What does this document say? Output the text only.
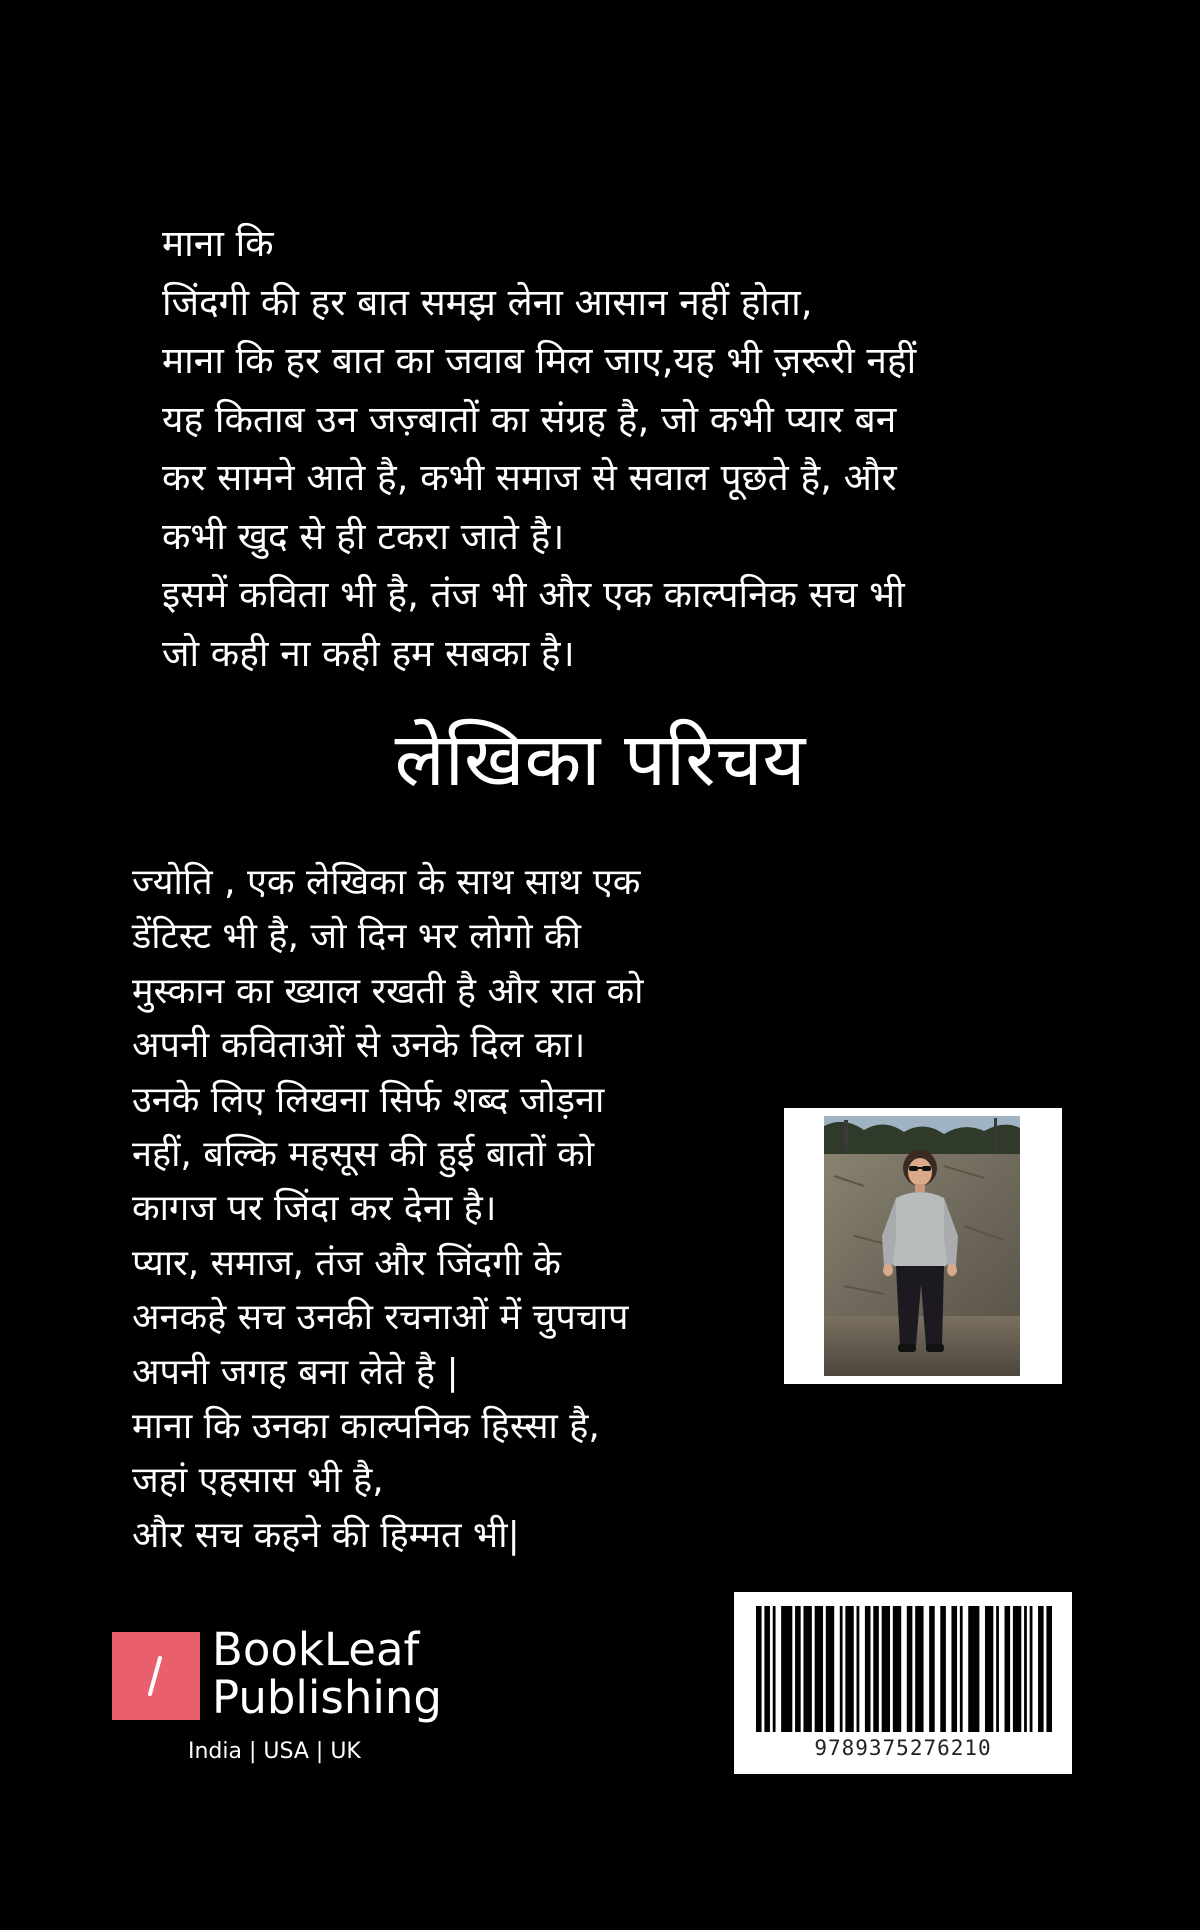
माना कि
जिंदगी की हर बात समझ लेना आसान नहीं होता,
माना कि हर बात का जवाब मिल जाए,यह भी ज़रूरी नहीं
यह किताब उन जज़्बातों का संग्रह है, जो कभी प्यार बन
कर सामने आते है, कभी समाज से सवाल पूछते है, और
कभी खुद से ही टकरा जाते है।
इसमें कविता भी है, तंज भी और एक काल्पनिक सच भी
जो कही ना कही हम सबका है।
लेखिका परिचय
ज्योति , एक लेखिका के साथ साथ एक
डेंटिस्ट भी है, जो दिन भर लोगो की
मुस्कान का ख्याल रखती है और रात को
अपनी कविताओं से उनके दिल का।
उनके लिए लिखना सिर्फ शब्द जोड़ना
नहीं, बल्कि महसूस की हुई बातों को
कागज पर जिंदा कर देना है।
प्यार, समाज, तंज और जिंदगी के
अनकहे सच उनकी रचनाओं में चुपचाप
अपनी जगह बना लेते है |
माना कि उनका काल्पनिक हिस्सा है,
जहां एहसास भी है,
और सच कहने की हिम्मत भी|
BookLeaf
Publishing
India | USA | UK	9789375276210
